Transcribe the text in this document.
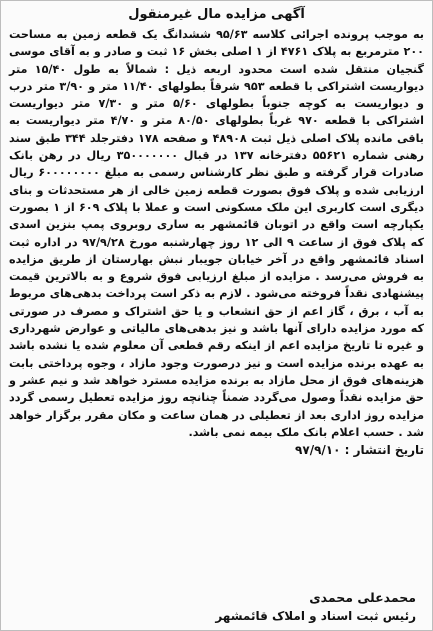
آگهی مزایده مال غیرمنقول

به موجب پرونده اجرائی کلاسه ۹۵/۶۳ ششدانگ یک قطعه زمین به مساحت ۲۰۰ مترمربع به پلاک ۴۷۶۱ از ۱ اصلی بخش ۱۶ ثبت و صادر و به آقای موسی گنجیان منتقل شده است محدود اربعه ذیل : شمالاً به طول ۱۵/۴۰ متر دیواریست اشتراکی با قطعه ۹۵۳ شرقاً بطولهای ۱۱/۴۰ متر و ۳/۹۰ متر درب و دیواریست به کوچه جنوباً بطولهای ۵/۶۰ متر و ۷/۳۰ متر دیواریست اشتراکی با قطعه ۹۷۰ غرباً بطولهای ۸۰/۵۰ متر و ۴/۷۰ متر دیواریست به باقی مانده پلاک اصلی ذیل ثبت ۴۸۹۰۸ و صفحه ۱۷۸ دفترجلد ۳۴۴ طبق سند رهنی شماره ۵۵۶۲۱ دفترخانه ۱۳۷ در قبال ۳۵۰۰۰۰۰۰۰ ریال در رهن بانک صادرات قرار گرفته و طبق نظر کارشناس رسمی به مبلغ ۶۰۰۰۰۰۰۰۰ ریال ارزیابی شده و پلاک فوق بصورت قطعه زمین خالی از هر مستحدثات و بنای دیگری است کاربری این ملک مسکونی است و عملا با پلاک ۶۰۹ از ۱ بصورت یکپارچه است واقع در اتوبان قائمشهر به ساری روبروی پمپ بنزین اسدی که پلاک فوق از ساعت ۹ الی ۱۲ روز چهارشنبه مورخ ۹۷/۹/۲۸ در اداره ثبت اسناد قائمشهر واقع در آخر خیابان جویبار نبش بهارستان از طریق مزایده به فروش می‌رسد . مزایده از مبلغ ارزیابی فوق شروع و به بالاترین قیمت پیشنهادی نقداً فروخته می‌شود . لازم به ذکر است پرداخت بدهی‌های مربوط به آب ، برق ، گاز اعم از حق انشعاب و یا حق اشتراک و مصرف در صورتی که مورد مزایده دارای آنها باشد و نیز بدهی‌های مالیاتی و عوارض شهرداری و غیره تا تاریخ مزایده اعم از اینکه رقم قطعی آن معلوم شده یا نشده باشد به عهده برنده مزایده است و نیز درصورت وجود مازاد ، وجوه پرداختی بابت هزینه‌های فوق از محل مازاد به برنده مزایده مسترد خواهد شد و نیم عشر و حق مزایده نقداً وصول می‌گردد ضمناً چنانچه روز مزایده تعطیل رسمی گردد مزایده روز اداری بعد از تعطیلی در همان ساعت و مکان مقرر برگزار خواهد شد . حسب اعلام بانک ملک بیمه نمی باشد.

تاریخ انتشار : ۹۷/۹/۱۰
محمدعلی محمدی
رئیس ثبت اسناد و املاک قائمشهر
